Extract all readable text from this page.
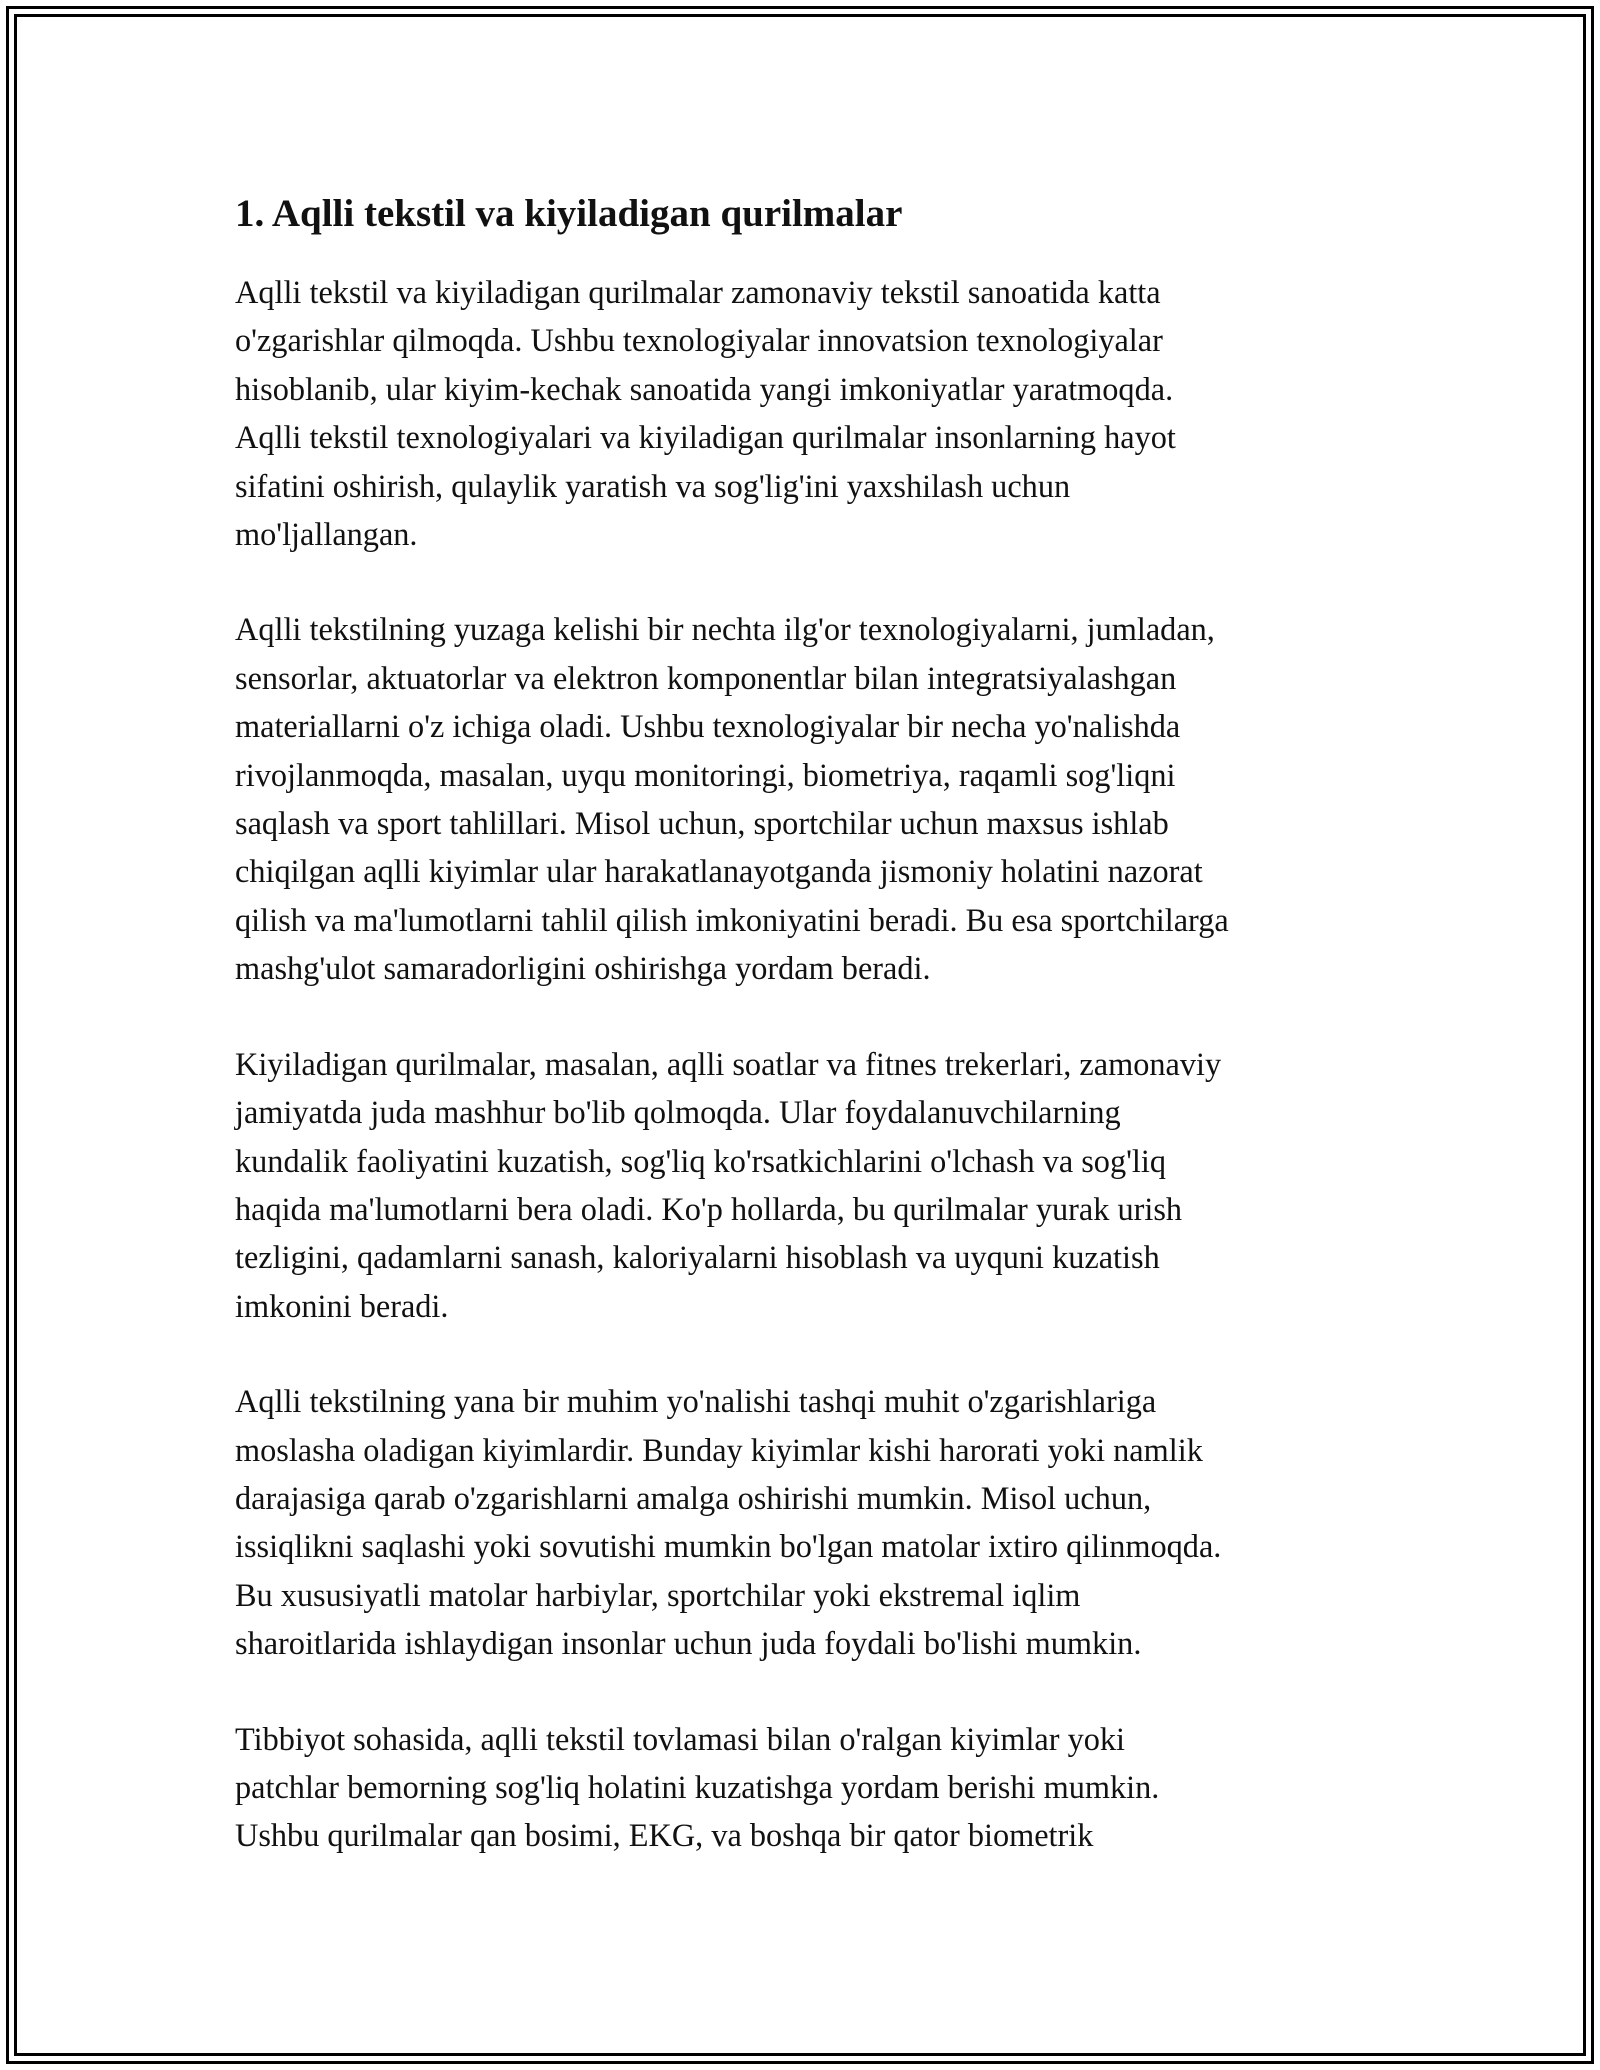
1. Aqlli tekstil va kiyiladigan qurilmalar

Aqlli tekstil va kiyiladigan qurilmalar zamonaviy tekstil sanoatida katta
o'zgarishlar qilmoqda. Ushbu texnologiyalar innovatsion texnologiyalar
hisoblanib, ular kiyim-kechak sanoatida yangi imkoniyatlar yaratmoqda.
Aqlli tekstil texnologiyalari va kiyiladigan qurilmalar insonlarning hayot
sifatini oshirish, qulaylik yaratish va sog'lig'ini yaxshilash uchun
mo'ljallangan.

Aqlli tekstilning yuzaga kelishi bir nechta ilg'or texnologiyalarni, jumladan,
sensorlar, aktuatorlar va elektron komponentlar bilan integratsiyalashgan
materiallarni o'z ichiga oladi. Ushbu texnologiyalar bir necha yo'nalishda
rivojlanmoqda, masalan, uyqu monitoringi, biometriya, raqamli sog'liqni
saqlash va sport tahlillari. Misol uchun, sportchilar uchun maxsus ishlab
chiqilgan aqlli kiyimlar ular harakatlanayotganda jismoniy holatini nazorat
qilish va ma'lumotlarni tahlil qilish imkoniyatini beradi. Bu esa sportchilarga
mashg'ulot samaradorligini oshirishga yordam beradi.

Kiyiladigan qurilmalar, masalan, aqlli soatlar va fitnes trekerlari, zamonaviy
jamiyatda juda mashhur bo'lib qolmoqda. Ular foydalanuvchilarning
kundalik faoliyatini kuzatish, sog'liq ko'rsatkichlarini o'lchash va sog'liq
haqida ma'lumotlarni bera oladi. Ko'p hollarda, bu qurilmalar yurak urish
tezligini, qadamlarni sanash, kaloriyalarni hisoblash va uyquni kuzatish
imkonini beradi.

Aqlli tekstilning yana bir muhim yo'nalishi tashqi muhit o'zgarishlariga
moslasha oladigan kiyimlardir. Bunday kiyimlar kishi harorati yoki namlik
darajasiga qarab o'zgarishlarni amalga oshirishi mumkin. Misol uchun,
issiqlikni saqlashi yoki sovutishi mumkin bo'lgan matolar ixtiro qilinmoqda.
Bu xususiyatli matolar harbiylar, sportchilar yoki ekstremal iqlim
sharoitlarida ishlaydigan insonlar uchun juda foydali bo'lishi mumkin.

Tibbiyot sohasida, aqlli tekstil tovlamasi bilan o'ralgan kiyimlar yoki
patchlar bemorning sog'liq holatini kuzatishga yordam berishi mumkin.
Ushbu qurilmalar qan bosimi, EKG, va boshqa bir qator biometrik
